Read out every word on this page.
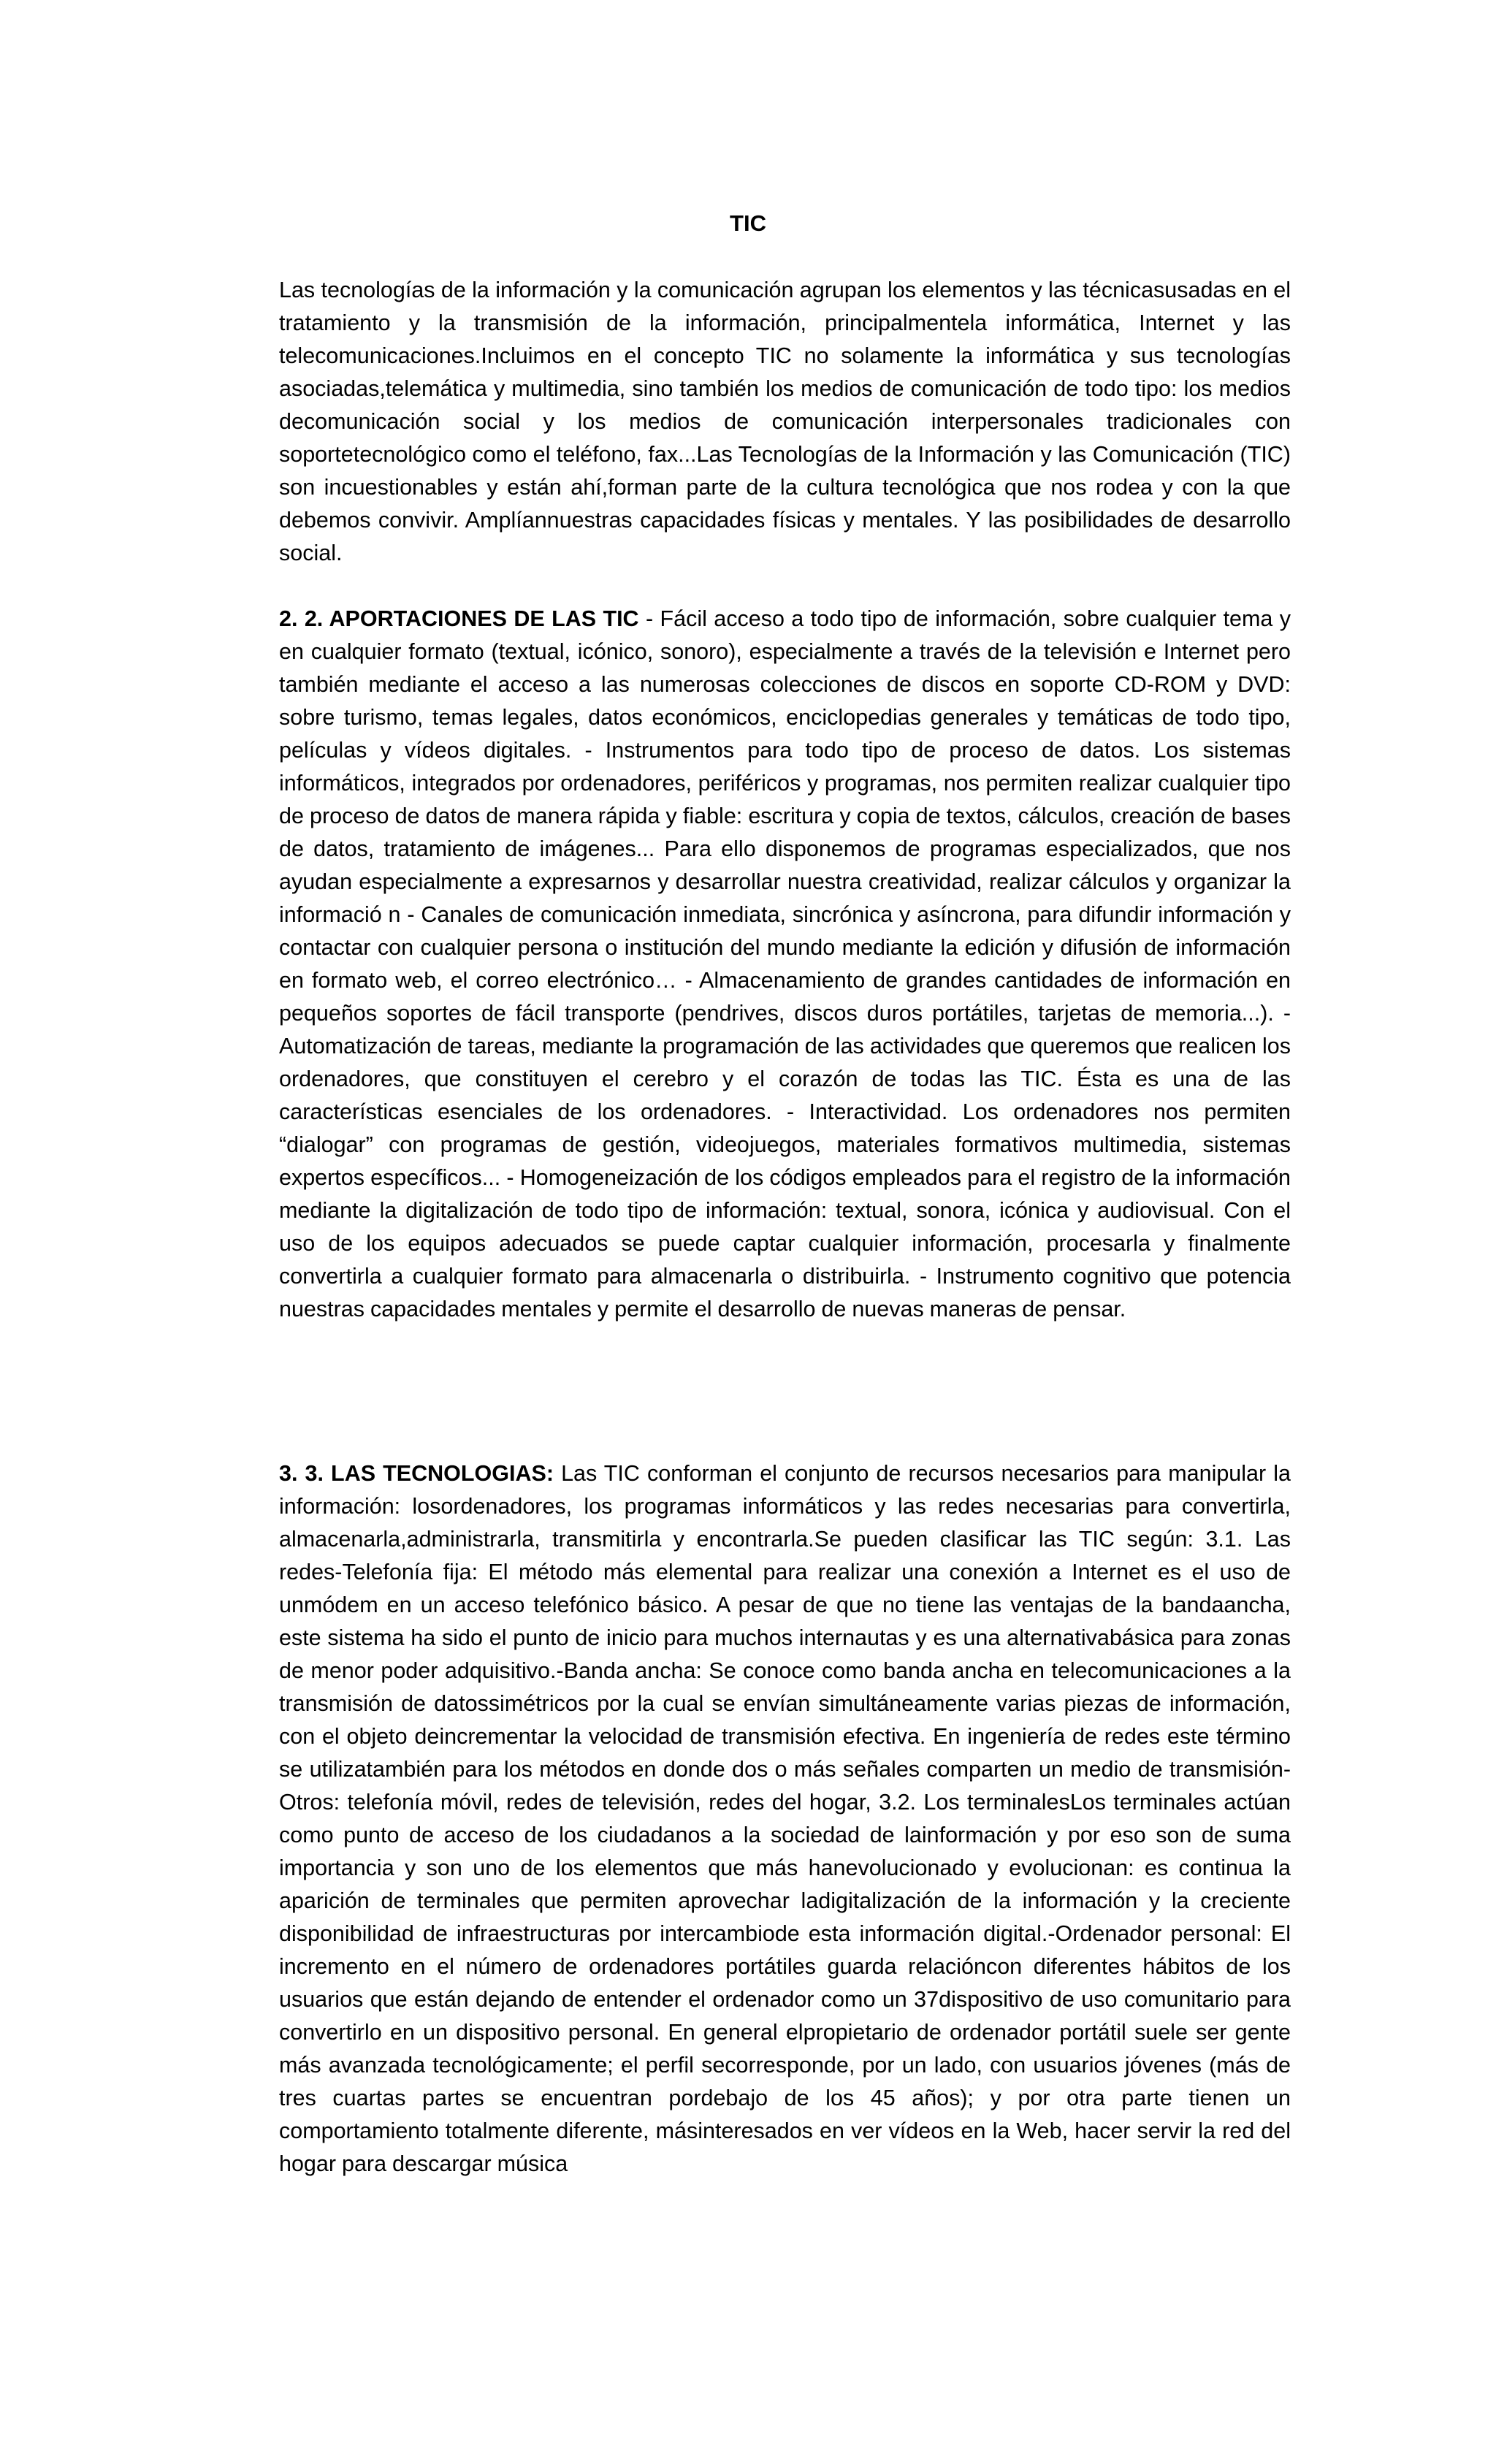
TIC

Las tecnologías de la información y la comunicación agrupan los elementos y las técnicasusadas en el tratamiento y la transmisión de la información, principalmentela informática, Internet y las telecomunicaciones.Incluimos en el concepto TIC no solamente la informática y sus tecnologías asociadas,telemática y multimedia, sino también los medios de comunicación de todo tipo: los medios decomunicación social y los medios de comunicación interpersonales tradicionales con soportetecnológico como el teléfono, fax...Las Tecnologías de la Información y las Comunicación (TIC) son incuestionables y están ahí,forman parte de la cultura tecnológica que nos rodea y con la que debemos convivir. Amplíannuestras capacidades físicas y mentales. Y las posibilidades de desarrollo social.

2. 2. APORTACIONES DE LAS TIC - Fácil acceso a todo tipo de información, sobre cualquier tema y en cualquier formato (textual, icónico, sonoro), especialmente a través de la televisión e Internet pero también mediante el acceso a las numerosas colecciones de discos en soporte CD-ROM y DVD: sobre turismo, temas legales, datos económicos, enciclopedias generales y temáticas de todo tipo, películas y vídeos digitales. - Instrumentos para todo tipo de proceso de datos. Los sistemas informáticos, integrados por ordenadores, periféricos y programas, nos permiten realizar cualquier tipo de proceso de datos de manera rápida y fiable: escritura y copia de textos, cálculos, creación de bases de datos, tratamiento de imágenes... Para ello disponemos de programas especializados, que nos ayudan especialmente a expresarnos y desarrollar nuestra creatividad, realizar cálculos y organizar la informació n - Canales de comunicación inmediata, sincrónica y asíncrona, para difundir información y contactar con cualquier persona o institución del mundo mediante la edición y difusión de información en formato web, el correo electrónico… - Almacenamiento de grandes cantidades de información en pequeños soportes de fácil transporte (pendrives, discos duros portátiles, tarjetas de memoria...). - Automatización de tareas, mediante la programación de las actividades que queremos que realicen los ordenadores, que constituyen el cerebro y el corazón de todas las TIC. Ésta es una de las características esenciales de los ordenadores. - Interactividad. Los ordenadores nos permiten “dialogar” con programas de gestión, videojuegos, materiales formativos multimedia, sistemas expertos específicos... - Homogeneización de los códigos empleados para el registro de la información mediante la digitalización de todo tipo de información: textual, sonora, icónica y audiovisual. Con el uso de los equipos adecuados se puede captar cualquier información, procesarla y finalmente convertirla a cualquier formato para almacenarla o distribuirla. - Instrumento cognitivo que potencia nuestras capacidades mentales y permite el desarrollo de nuevas maneras de pensar.

3. 3. LAS TECNOLOGIAS: Las TIC conforman el conjunto de recursos necesarios para manipular la información: losordenadores, los programas informáticos y las redes necesarias para convertirla, almacenarla,administrarla, transmitirla y encontrarla.Se pueden clasificar las TIC según: 3.1. Las redes-Telefonía fija: El método más elemental para realizar una conexión a Internet es el uso de unmódem en un acceso telefónico básico. A pesar de que no tiene las ventajas de la bandaancha, este sistema ha sido el punto de inicio para muchos internautas y es una alternativabásica para zonas de menor poder adquisitivo.-Banda ancha: Se conoce como banda ancha en telecomunicaciones a la transmisión de datossimétricos por la cual se envían simultáneamente varias piezas de información, con el objeto deincrementar la velocidad de transmisión efectiva. En ingeniería de redes este término se utilizatambién para los métodos en donde dos o más señales comparten un medio de transmisión-Otros: telefonía móvil, redes de televisión, redes del hogar, 3.2. Los terminalesLos terminales actúan como punto de acceso de los ciudadanos a la sociedad de lainformación y por eso son de suma importancia y son uno de los elementos que más hanevolucionado y evolucionan: es continua la aparición de terminales que permiten aprovechar ladigitalización de la información y la creciente disponibilidad de infraestructuras por intercambiode esta información digital.-Ordenador personal: El incremento en el número de ordenadores portátiles guarda relacióncon diferentes hábitos de los usuarios que están dejando de entender el ordenador como un 37dispositivo de uso comunitario para convertirlo en un dispositivo personal. En general elpropietario de ordenador portátil suele ser gente más avanzada tecnológicamente; el perfil secorresponde, por un lado, con usuarios jóvenes (más de tres cuartas partes se encuentran pordebajo de los 45 años); y por otra parte tienen un comportamiento totalmente diferente, másinteresados en ver vídeos en la Web, hacer servir la red del hogar para descargar música
